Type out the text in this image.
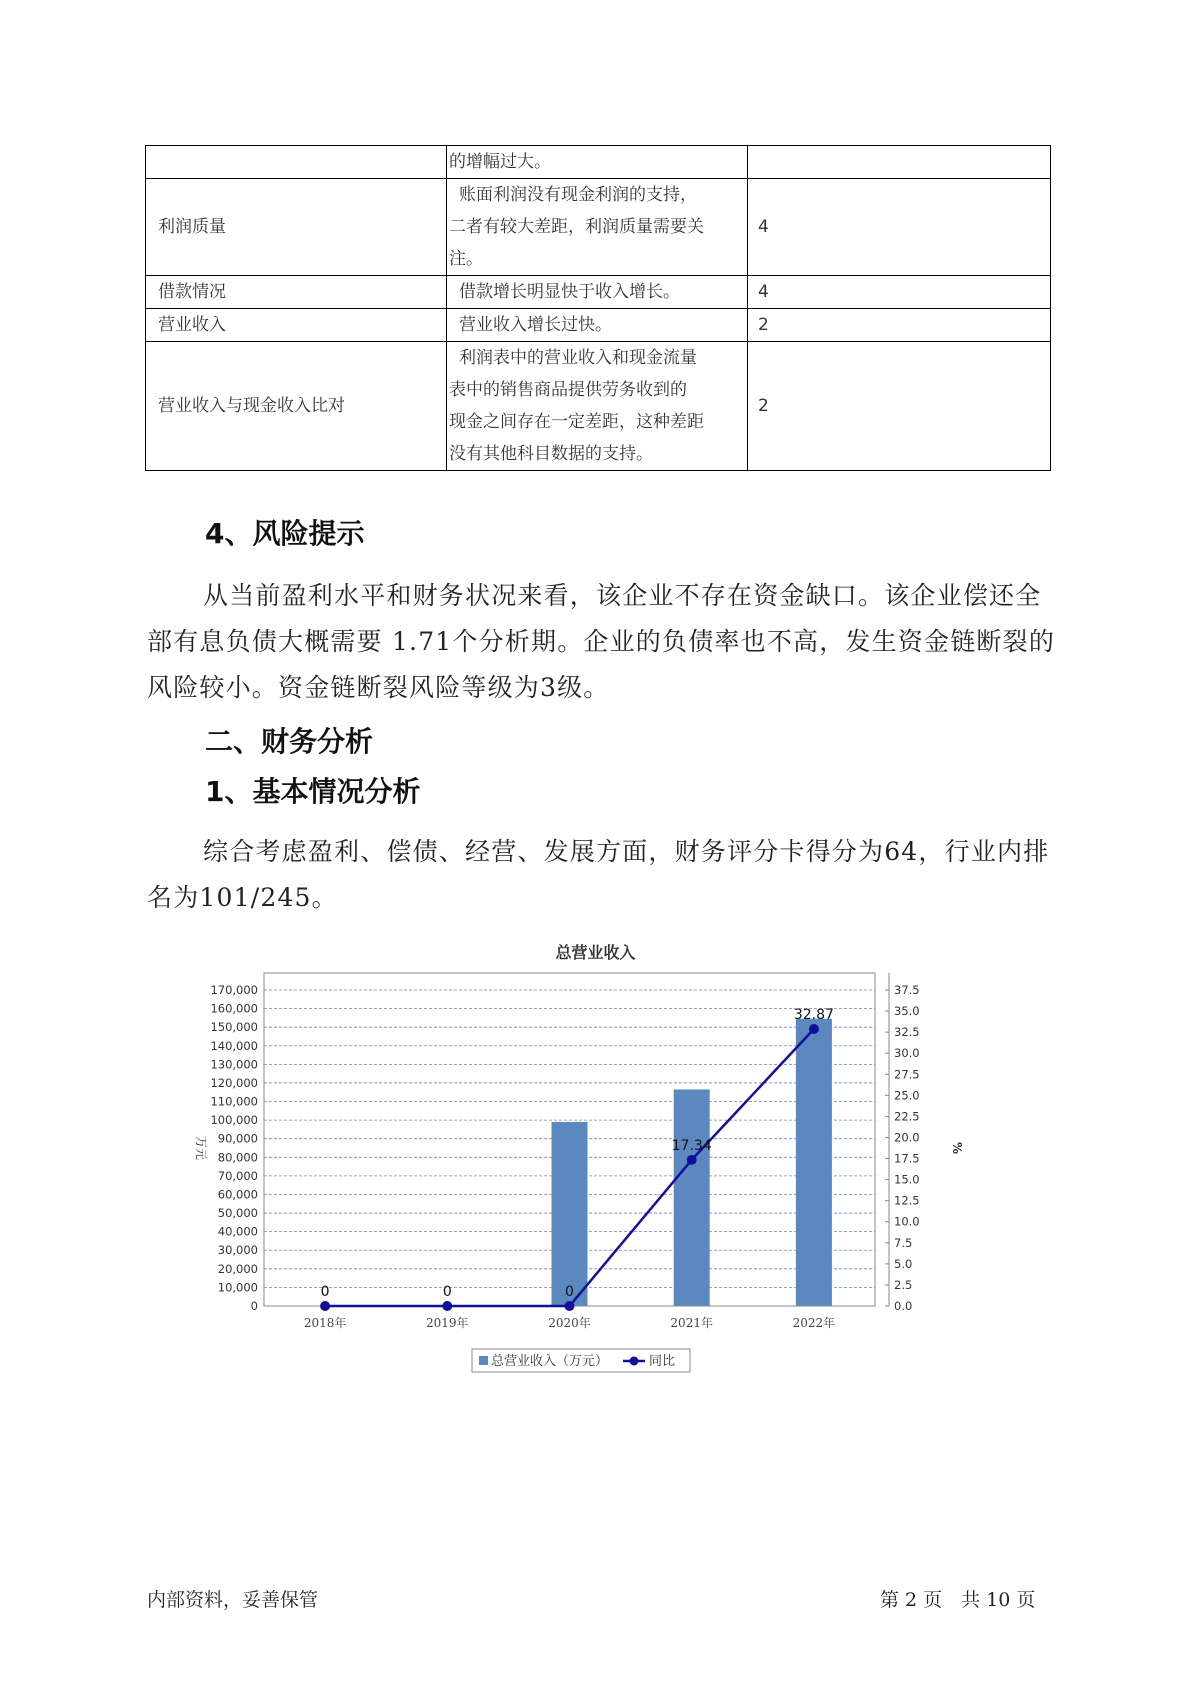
	的增幅过大。	

利润质量	账面利润没有现金利润的支持，
二者有较大差距，利润质量需要关
注。	4
借款情况	借款增长明显快于收入增长。	4
营业收入	营业收入增长过快。	2
营业收入与现金收入比对	利润表中的营业收入和现金流量
表中的销售商品提供劳务收到的
现金之间存在一定差距，这种差距
没有其他科目数据的支持。	2
4、风险提示
从当前盈利水平和财务状况来看，该企业不存在资金缺口。该企业偿还全部有息负债大概需要 1.71个分析期。企业的负债率也不高，发生资金链断裂的风险较小。资金链断裂风险等级为3级。
二、财务分析
1、基本情况分析
综合考虑盈利、偿债、经营、发展方面，财务评分卡得分为64，行业内排名为101/245。
总营业收入
0
10,000
20,000
30,000
40,000
50,000
60,000
70,000
80,000
90,000
100,000
110,000
120,000
130,000
140,000
150,000
160,000
170,000
0.0
2.5
5.0
7.5
10.0
12.5
15.0
17.5
20.0
22.5
25.0
27.5
30.0
32.5
35.0
37.5
万元	%
2018年	2019年	2020年	2021年	2022年
0	0	0
17.34
32.87
总营业收入（万元）	同比
内部资料，妥善保管	第 2 页　共 10 页
